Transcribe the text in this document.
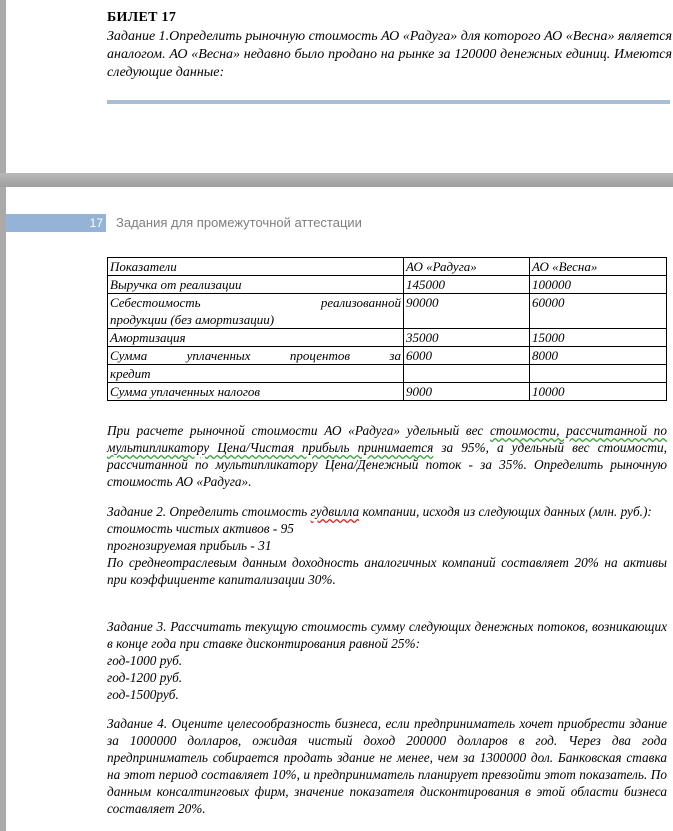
БИЛЕТ 17
Задание 1.Определить рыночную стоимость АО «Радуга» для которого АО «Весна» является аналогом. АО «Весна» недавно было продано на рынке за 120000 денежных единиц. Имеются следующие данные:
17 Задания для промежуточной аттестации
Показатели	АО «Радуга»	АО «Весна»
Выручка от реализации	145000	100000

Себестоимость реализованной
продукции (без амортизации)	90000	60000
Амортизация	35000	15000
Сумма уплаченных процентов за	6000	8000
кредит		
Сумма уплаченных налогов	9000	10000

При расчете рыночной стоимости АО «Радуга» удельный вес стоимости, рассчитанной по мультипликатору Цена/Чистая прибыль принимается за 95%, а удельный вес стоимости, рассчитанной по мультипликатору Цена/Денежный поток - за 35%. Определить рыночную стоимость АО «Радуга».

Задание 2. Определить стоимость гудвилла компании, исходя из следующих данных (млн. руб.):

стоимость чистых активов - 95

прогнозируемая прибыль - 31

По среднеотраслевым данным доходность аналогичных компаний составляет 20% на активы при коэффициенте капитализации 30%.

Задание 3. Рассчитать текущую стоимость сумму следующих денежных потоков, возникающих в конце года при ставке дисконтирования равной 25%:

год-1000 руб.

год-1200 руб.

год-1500руб.

Задание 4. Оцените целесообразность бизнеса, если предприниматель хочет приобрести здание за 1000000 долларов, ожидая чистый доход 200000 долларов в год. Через два года предприниматель собирается продать здание не менее, чем за 1300000 дол. Банковская ставка на этот период составляет 10%, и предприниматель планирует превзойти этот показатель. По данным консалтинговых фирм, значение показателя дисконтирования в этой области бизнеса составляет 20%.
